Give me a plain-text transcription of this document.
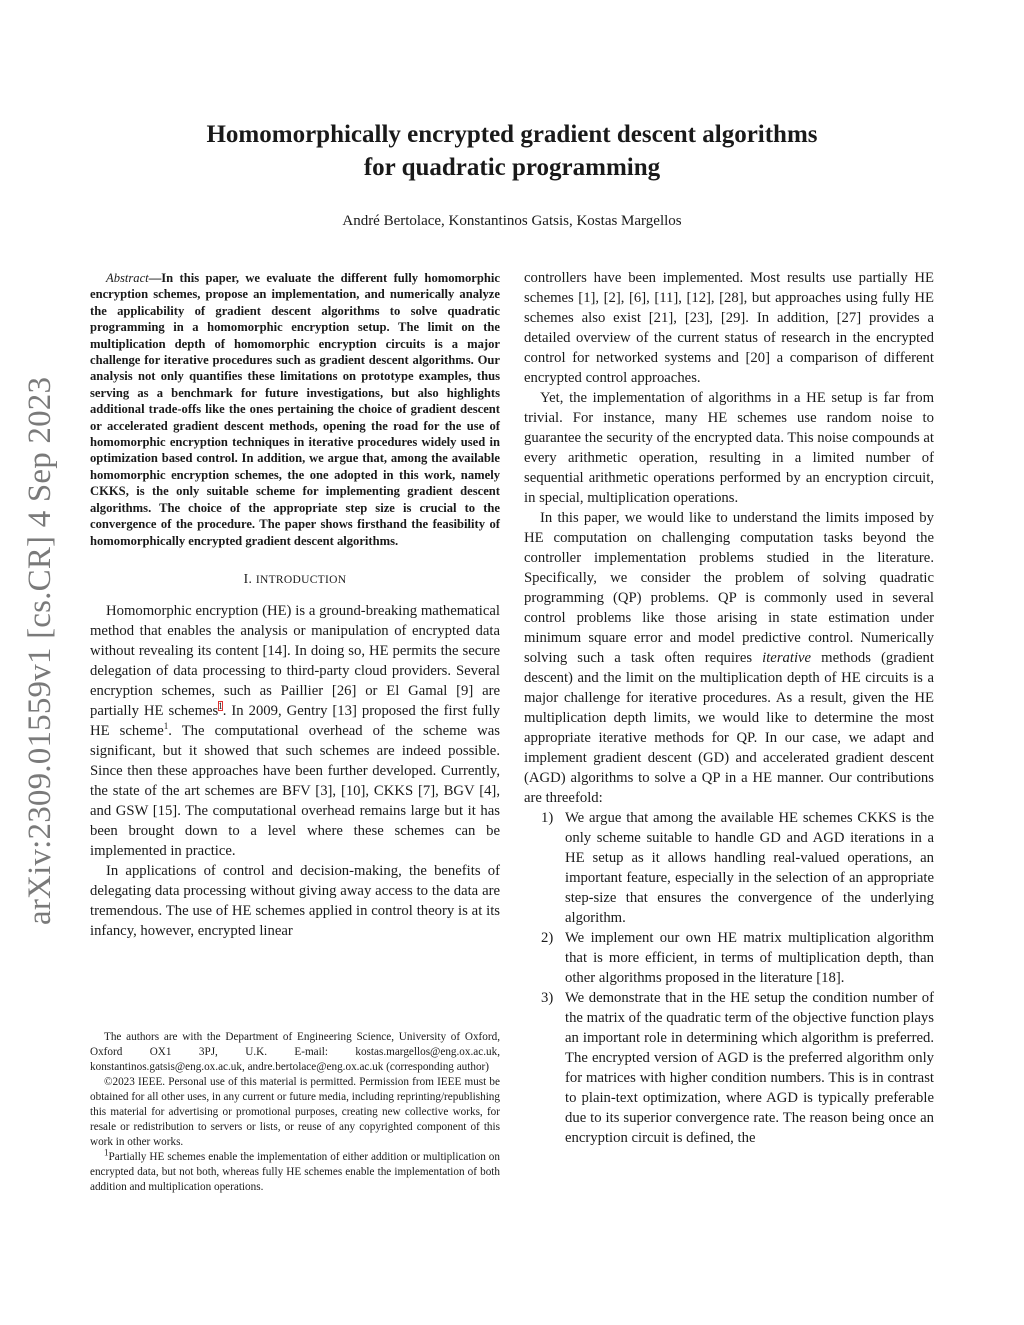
arXiv:2309.01559v1 [cs.CR] 4 Sep 2023
Homomorphically encrypted gradient descent algorithms
for quadratic programming
André Bertolace, Konstantinos Gatsis, Kostas Margellos

Abstract—In this paper, we evaluate the different fully homomorphic encryption schemes, propose an implementation, and numerically analyze the applicability of gradient descent algorithms to solve quadratic programming in a homomorphic encryption setup. The limit on the multiplication depth of homomorphic encryption circuits is a major challenge for iterative procedures such as gradient descent algorithms. Our analysis not only quantifies these limitations on prototype examples, thus serving as a benchmark for future investigations, but also highlights additional trade-offs like the ones pertaining the choice of gradient descent or accelerated gradient descent methods, opening the road for the use of homomorphic encryption techniques in iterative procedures widely used in optimization based control. In addition, we argue that, among the available homomorphic encryption schemes, the one adopted in this work, namely CKKS, is the only suitable scheme for implementing gradient descent algorithms. The choice of the appropriate step size is crucial to the convergence of the procedure. The paper shows firsthand the feasibility of homomorphically encrypted gradient descent algorithms.

I. INTRODUCTION

Homomorphic encryption (HE) is a ground-breaking mathematical method that enables the analysis or manipulation of encrypted data without revealing its content [14]. In doing so, HE permits the secure delegation of data processing to third-party cloud providers. Several encryption schemes, such as Paillier [26] or El Gamal [9] are partially HE schemes$^1$. In 2009, Gentry [13] proposed the first fully HE scheme$^1$. The computational overhead of the scheme was significant, but it showed that such schemes are indeed possible. Since then these approaches have been further developed. Currently, the state of the art schemes are BFV [3], [10], CKKS [7], BGV [4], and GSW [15]. The computational overhead remains large but it has been brought down to a level where these schemes can be implemented in practice.

In applications of control and decision-making, the benefits of delegating data processing without giving away access to the data are tremendous. The use of HE schemes applied in control theory is at its infancy, however, encrypted linear

The authors are with the Department of Engineering Science, University of Oxford, Oxford OX1 3PJ, U.K. E-mail: kostas.margellos@eng.ox.ac.uk, konstantinos.gatsis@eng.ox.ac.uk, andre.bertolace@eng.ox.ac.uk (corresponding author)

©2023 IEEE. Personal use of this material is permitted. Permission from IEEE must be obtained for all other uses, in any current or future media, including reprinting/republishing this material for advertising or promotional purposes, creating new collective works, for resale or redistribution to servers or lists, or reuse of any copyrighted component of this work in other works.

$^1$Partially HE schemes enable the implementation of either addition or multiplication on encrypted data, but not both, whereas fully HE schemes enable the implementation of both addition and multiplication operations.

controllers have been implemented. Most results use partially HE schemes [1], [2], [6], [11], [12], [28], but approaches using fully HE schemes also exist [21], [23], [29]. In addition, [27] provides a detailed overview of the current status of research in the encrypted control for networked systems and [20] a comparison of different encrypted control approaches.

Yet, the implementation of algorithms in a HE setup is far from trivial. For instance, many HE schemes use random noise to guarantee the security of the encrypted data. This noise compounds at every arithmetic operation, resulting in a limited number of sequential arithmetic operations performed by an encryption circuit, in special, multiplication operations.

In this paper, we would like to understand the limits imposed by HE computation on challenging computation tasks beyond the controller implementation problems studied in the literature. Specifically, we consider the problem of solving quadratic programming (QP) problems. QP is commonly used in several control problems like those arising in state estimation under minimum square error and model predictive control. Numerically solving such a task often requires iterative methods (gradient descent) and the limit on the multiplication depth of HE circuits is a major challenge for iterative procedures. As a result, given the HE multiplication depth limits, we would like to determine the most appropriate iterative methods for QP. In our case, we adapt and implement gradient descent (GD) and accelerated gradient descent (AGD) algorithms to solve a QP in a HE manner. Our contributions are threefold:

1) We argue that among the available HE schemes CKKS is the only scheme suitable to handle GD and AGD iterations in a HE setup as it allows handling real-valued operations, an important feature, especially in the selection of an appropriate step-size that ensures the convergence of the underlying algorithm.
2) We implement our own HE matrix multiplication algorithm that is more efficient, in terms of multiplication depth, than other algorithms proposed in the literature [18].
3) We demonstrate that in the HE setup the condition number of the matrix of the quadratic term of the objective function plays an important role in determining which algorithm is preferred. The encrypted version of AGD is the preferred algorithm only for matrices with higher condition numbers. This is in contrast to plain-text optimization, where AGD is typically preferable due to its superior convergence rate. The reason being once an encryption circuit is defined, the
